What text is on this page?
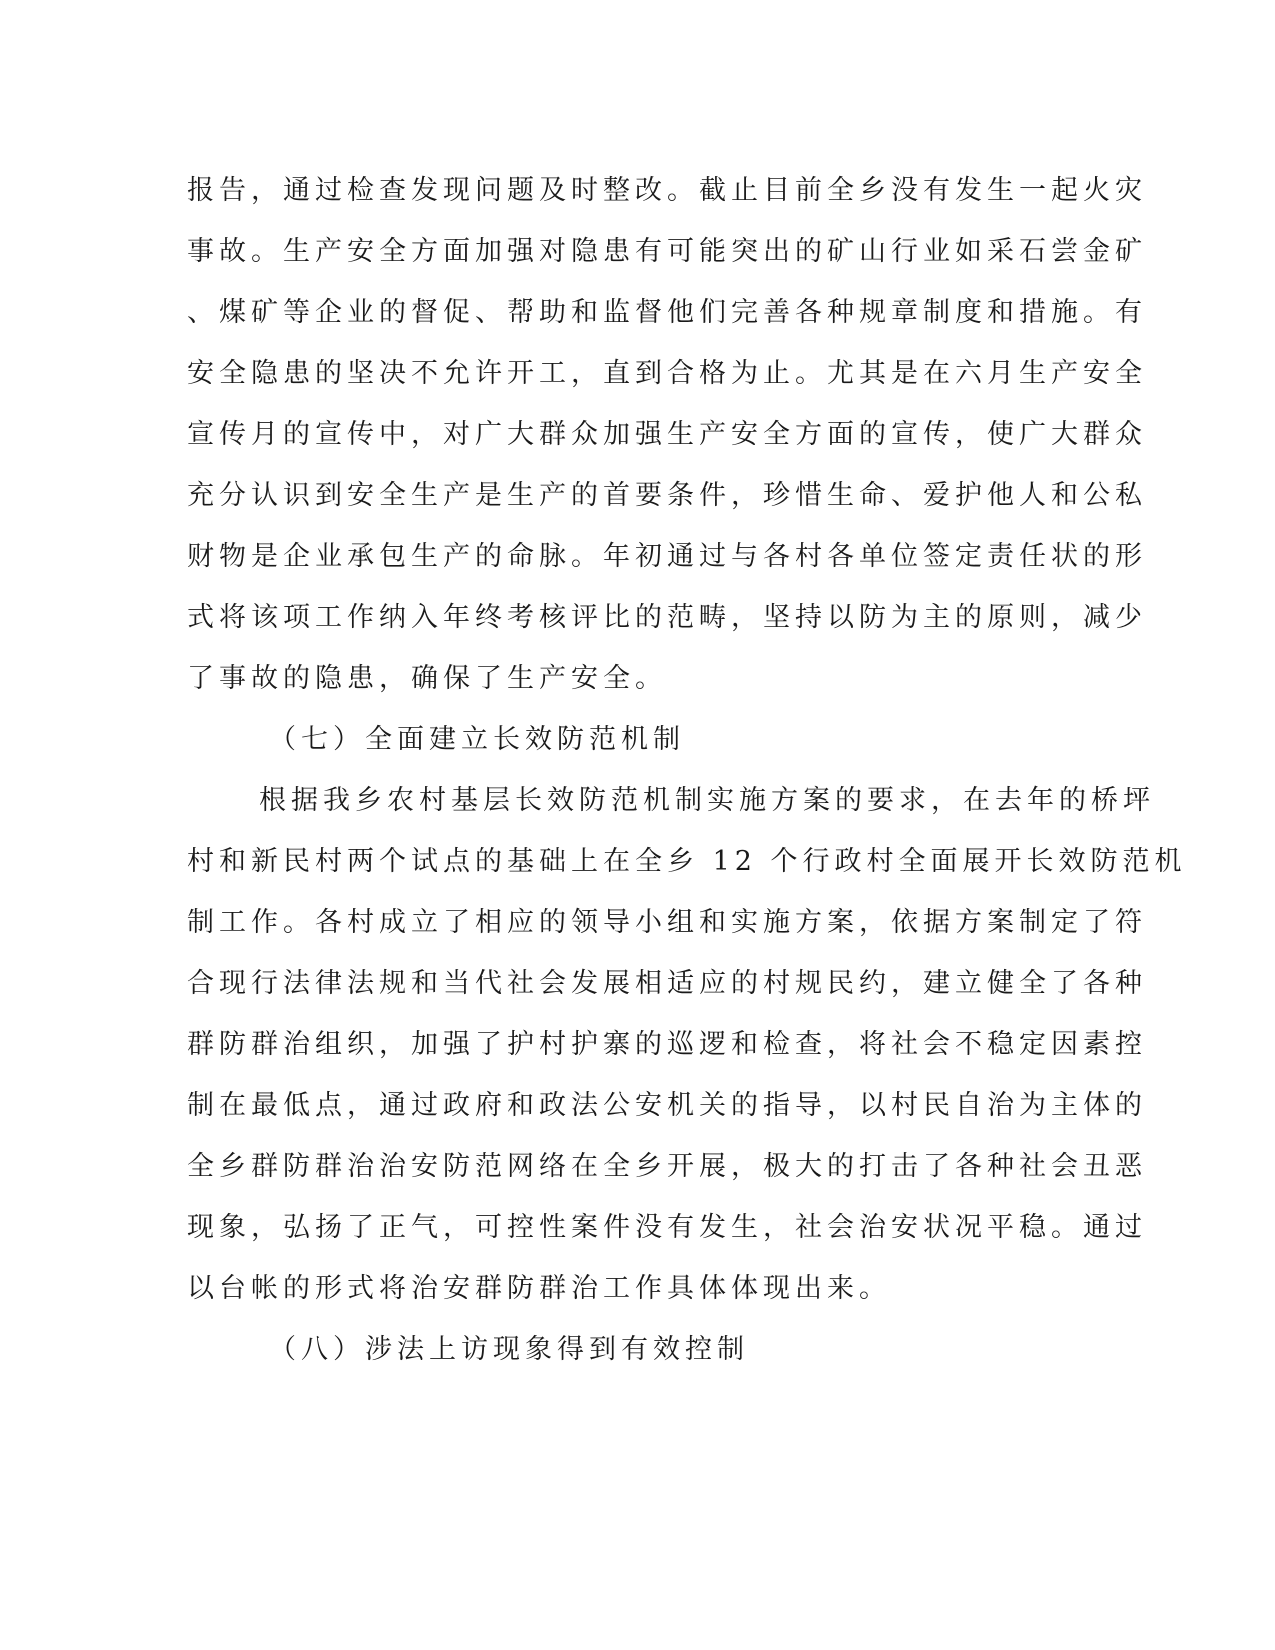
报告，通过检查发现问题及时整改。截止目前全乡没有发生一起火灾
事故。生产安全方面加强对隐患有可能突出的矿山行业如采石尝金矿
、煤矿等企业的督促、帮助和监督他们完善各种规章制度和措施。有
安全隐患的坚决不允许开工，直到合格为止。尤其是在六月生产安全
宣传月的宣传中，对广大群众加强生产安全方面的宣传，使广大群众
充分认识到安全生产是生产的首要条件，珍惜生命、爱护他人和公私
财物是企业承包生产的命脉。年初通过与各村各单位签定责任状的形
式将该项工作纳入年终考核评比的范畴，坚持以防为主的原则，减少
了事故的隐患，确保了生产安全。
（七）全面建立长效防范机制
根据我乡农村基层长效防范机制实施方案的要求，在去年的桥坪
村和新民村两个试点的基础上在全乡 12 个行政村全面展开长效防范机
制工作。各村成立了相应的领导小组和实施方案，依据方案制定了符
合现行法律法规和当代社会发展相适应的村规民约，建立健全了各种
群防群治组织，加强了护村护寨的巡逻和检查，将社会不稳定因素控
制在最低点，通过政府和政法公安机关的指导，以村民自治为主体的
全乡群防群治治安防范网络在全乡开展，极大的打击了各种社会丑恶
现象，弘扬了正气，可控性案件没有发生，社会治安状况平稳。通过
以台帐的形式将治安群防群治工作具体体现出来。
（八）涉法上访现象得到有效控制
